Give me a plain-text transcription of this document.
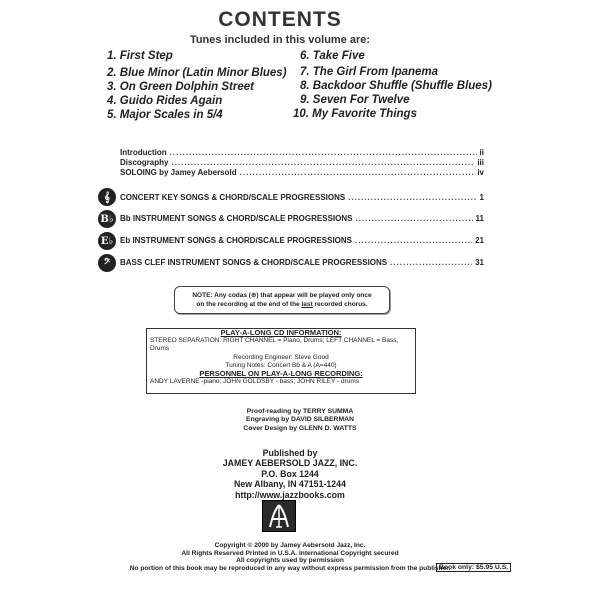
CONTENTS
Tunes included in this volume are:
1. First Step
2. Blue Minor (Latin Minor Blues)
3. On Green Dolphin Street
4. Guido Rides Again
5. Major Scales in 5/4
6. Take Five
7. The Girl From Ipanema
8. Backdoor Shuffle (Shuffle Blues)
9. Seven For Twelve
10. My Favorite Things
Introduction .....	ii
Discography .....	iii
SOLOING by Jamey Aebersold .....	iv
𝄞	CONCERT KEY SONGS & CHORD/SCALE PROGRESSIONS .....	1
B♭ Bb INSTRUMENT SONGS & CHORD/SCALE PROGRESSIONS .....	11
E♭ Eb INSTRUMENT SONGS & CHORD/SCALE PROGRESSIONS .....	21
𝄢	BASS CLEF INSTRUMENT SONGS & CHORD/SCALE PROGRESSIONS .....	31
NOTE: Any codas (⊕) that appear will be played only once
on the recording at the end of the last recorded chorus.
PLAY-A-LONG CD INFORMATION:
STEREO SEPARATION: RIGHT CHANNEL = Piano, Drums; LEFT CHANNEL = Bass, Drums
Recording Engineer: Steve Good
Tuning Notes: Concert Bb & A (A=440)
PERSONNEL ON PLAY-A-LONG RECORDING:
ANDY LAVERNE -piano; JOHN GOLDSBY - bass; JOHN RILEY - drums
Proof-reading by TERRY SUMMA
Engraving by DAVID SILBERMAN
Cover Design by GLENN D. WATTS
Published by
JAMEY AEBERSOLD JAZZ, INC.
P.O. Box 1244
New Albany, IN 47151-1244
http://www.jazzbooks.com
Copyright © 2000 by Jamey Aebersold Jazz, Inc.
All Rights Reserved Printed in U.S.A. International Copyright secured
All copyrights used by permission
No portion of this book may be reproduced in any way without express permission from the publisher.
Book only: $5.95 U.S.
